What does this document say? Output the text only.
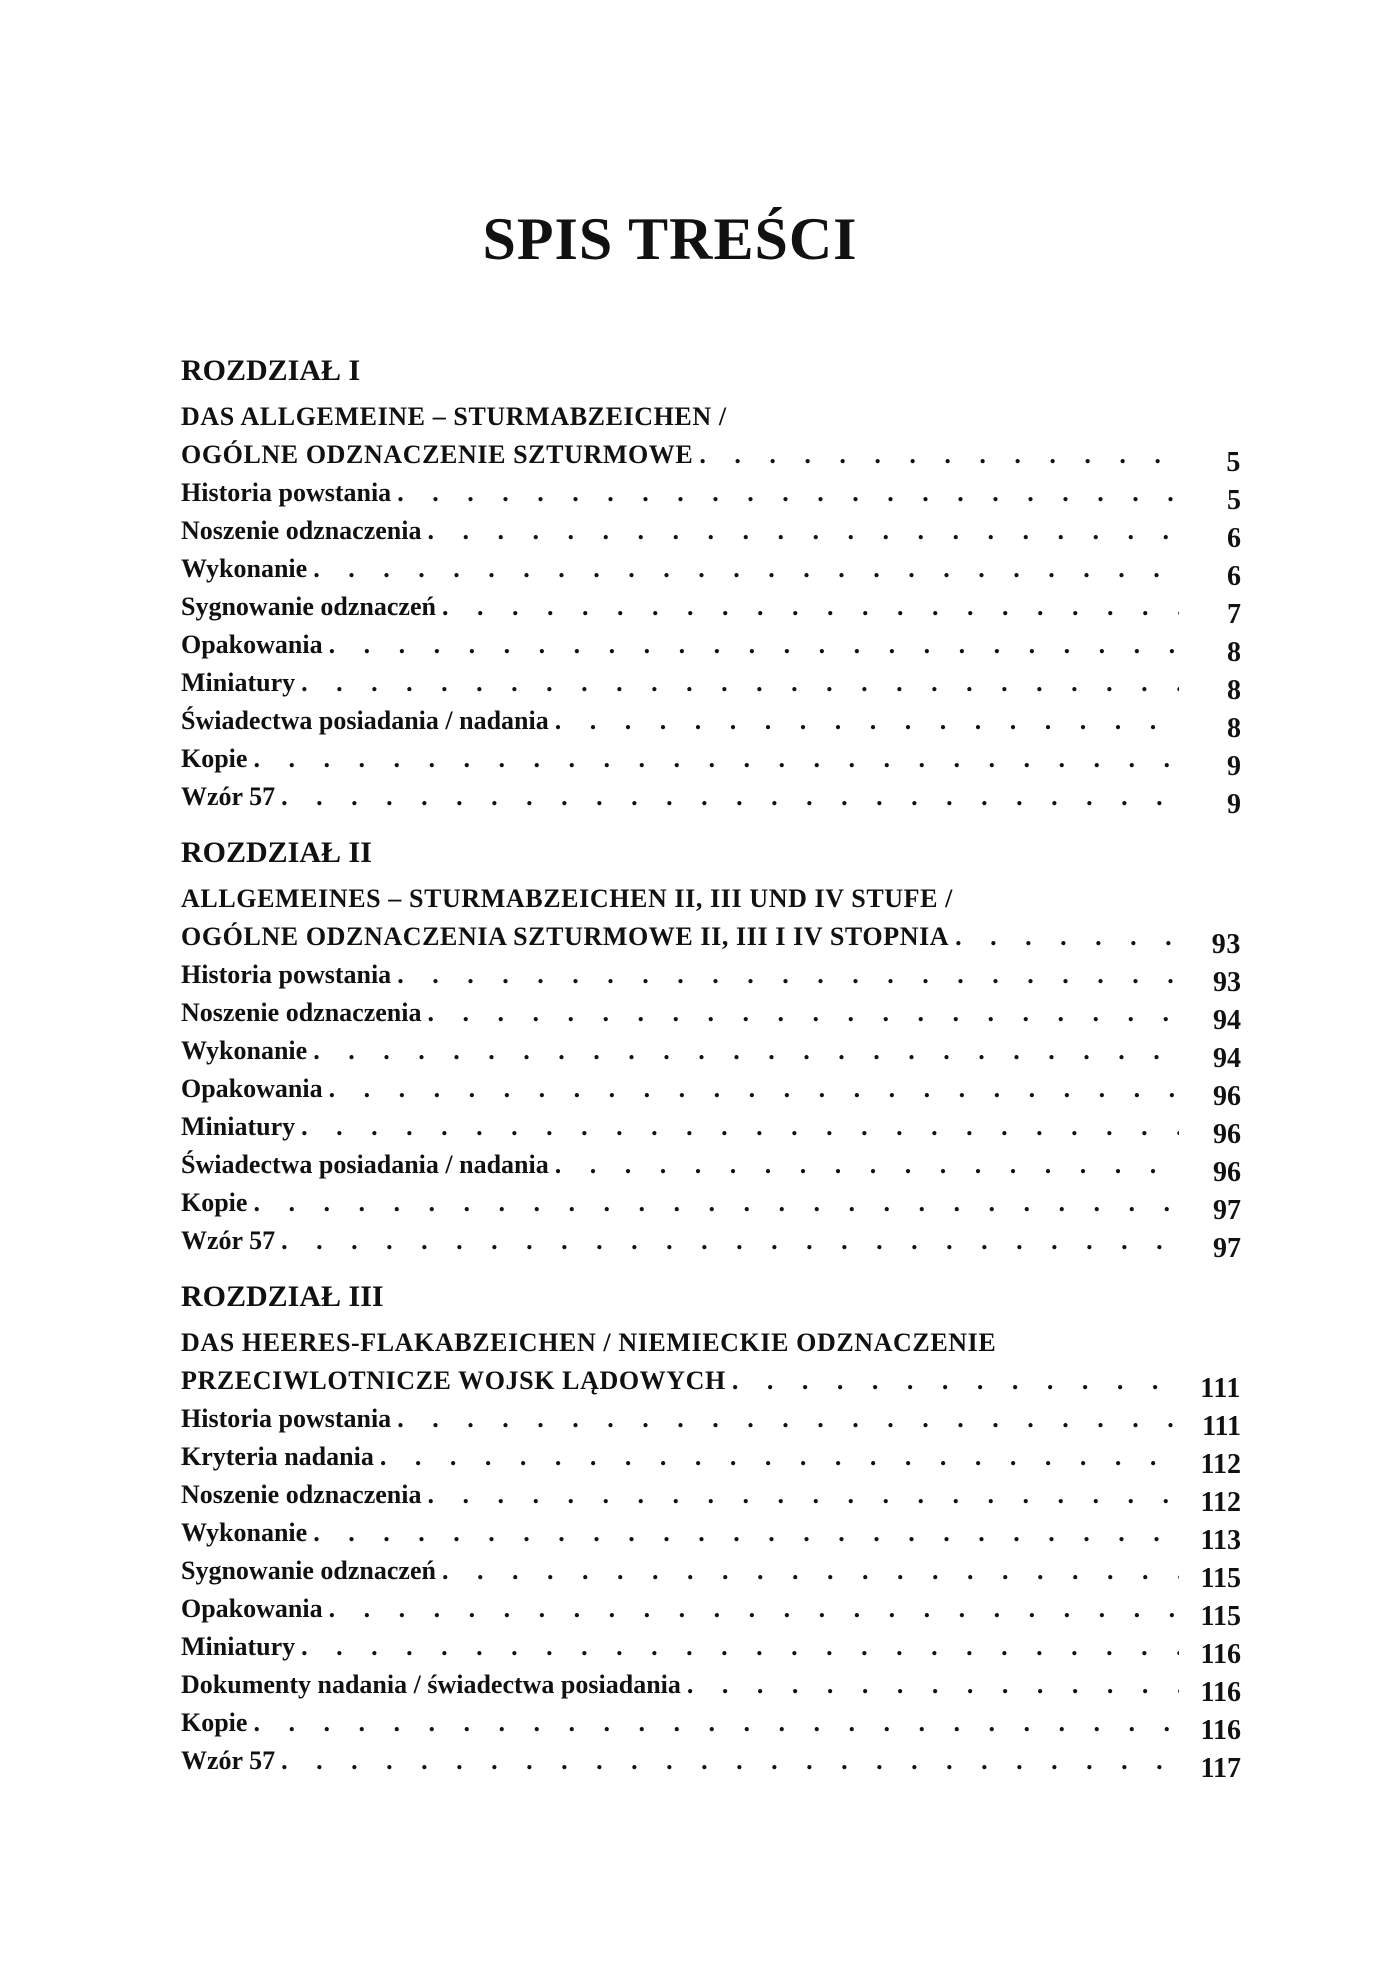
SPIS TREŚCI
ROZDZIAŁ I
DAS ALLGEMEINE – STURMABZEICHEN /
OGÓLNE ODZNACZENIE SZTURMOWE . . .	5
Historia powstania . . .	5
Noszenie odznaczenia . . .	6
Wykonanie . . .	6
Sygnowanie odznaczeń . . .	7
Opakowania . . .	8
Miniatury . . .	8
Świadectwa posiadania / nadania . . .	8
Kopie . . .	9
Wzór 57 . . .	9
ROZDZIAŁ II
ALLGEMEINES – STURMABZEICHEN II, III UND IV STUFE /
OGÓLNE ODZNACZENIA SZTURMOWE II, III I IV STOPNIA . . .	93
Historia powstania . . .	93
Noszenie odznaczenia . . .	94
Wykonanie . . .	94
Opakowania . . .	96
Miniatury . . .	96
Świadectwa posiadania / nadania . . .	96
Kopie . . .	97
Wzór 57 . . .	97
ROZDZIAŁ III
DAS HEERES-FLAKABZEICHEN / NIEMIECKIE ODZNACZENIE
PRZECIWLOTNICZE WOJSK LĄDOWYCH . . .	111
Historia powstania . . .	111
Kryteria nadania . . .	112
Noszenie odznaczenia . . .	112
Wykonanie . . .	113
Sygnowanie odznaczeń . . .	115
Opakowania . . .	115
Miniatury . . .	116
Dokumenty nadania / świadectwa posiadania . . .	116
Kopie . . .	116
Wzór 57 . . .	117
